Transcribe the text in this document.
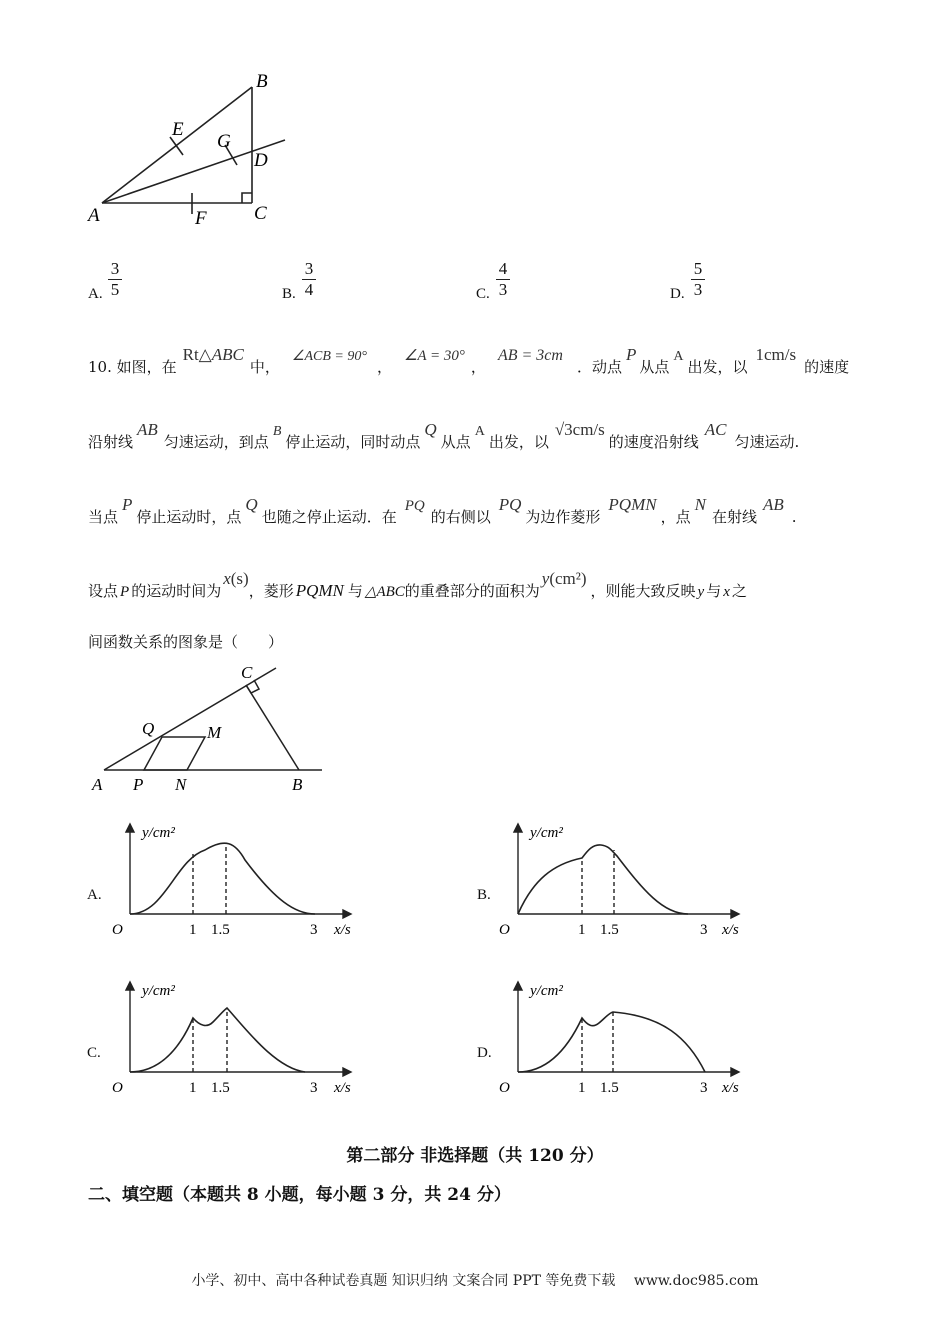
B
E
G
D
A	F C
A.
3
5	B.
3
4	C.
4
3	D.
5
3
10. 如图，在Rt△ABC中，∠ACB = 90°，∠A = 30°，AB = 3cm．动点P从点A出发，以1cm/s的速度
沿射线AB匀速运动，到点B停止运动，同时动点Q从点A出发，以√3cm/s的速度沿射线AC匀速运动.
当点P停止运动时，点Q也随之停止运动．在PQ的右侧以PQ为边作菱形PQMN，点N在射线AB.
设点 P 的运动时间为x(s)，菱形 PQMN 与 △ABC的重叠部分的面积为y(cm²)，则能大致反映 y 与 x 之
间函数关系的图象是（　　）
C
Q	M
A P N	B
A.
y/cm²
x/s
O	1 1.5	3
B.
y/cm²
x/s
O	1 1.5	3
C.
y/cm²
x/s
O	1 1.5	3
D.
y/cm²
x/s
O	1 1.5	3
第二部分 非选择题（共 120 分）
二、填空题（本题共 8 小题，每小题 3 分，共 24 分）
小学、初中、高中各种试卷真题 知识归纳 文案合同 PPT 等免费下载　 www.doc985.com
